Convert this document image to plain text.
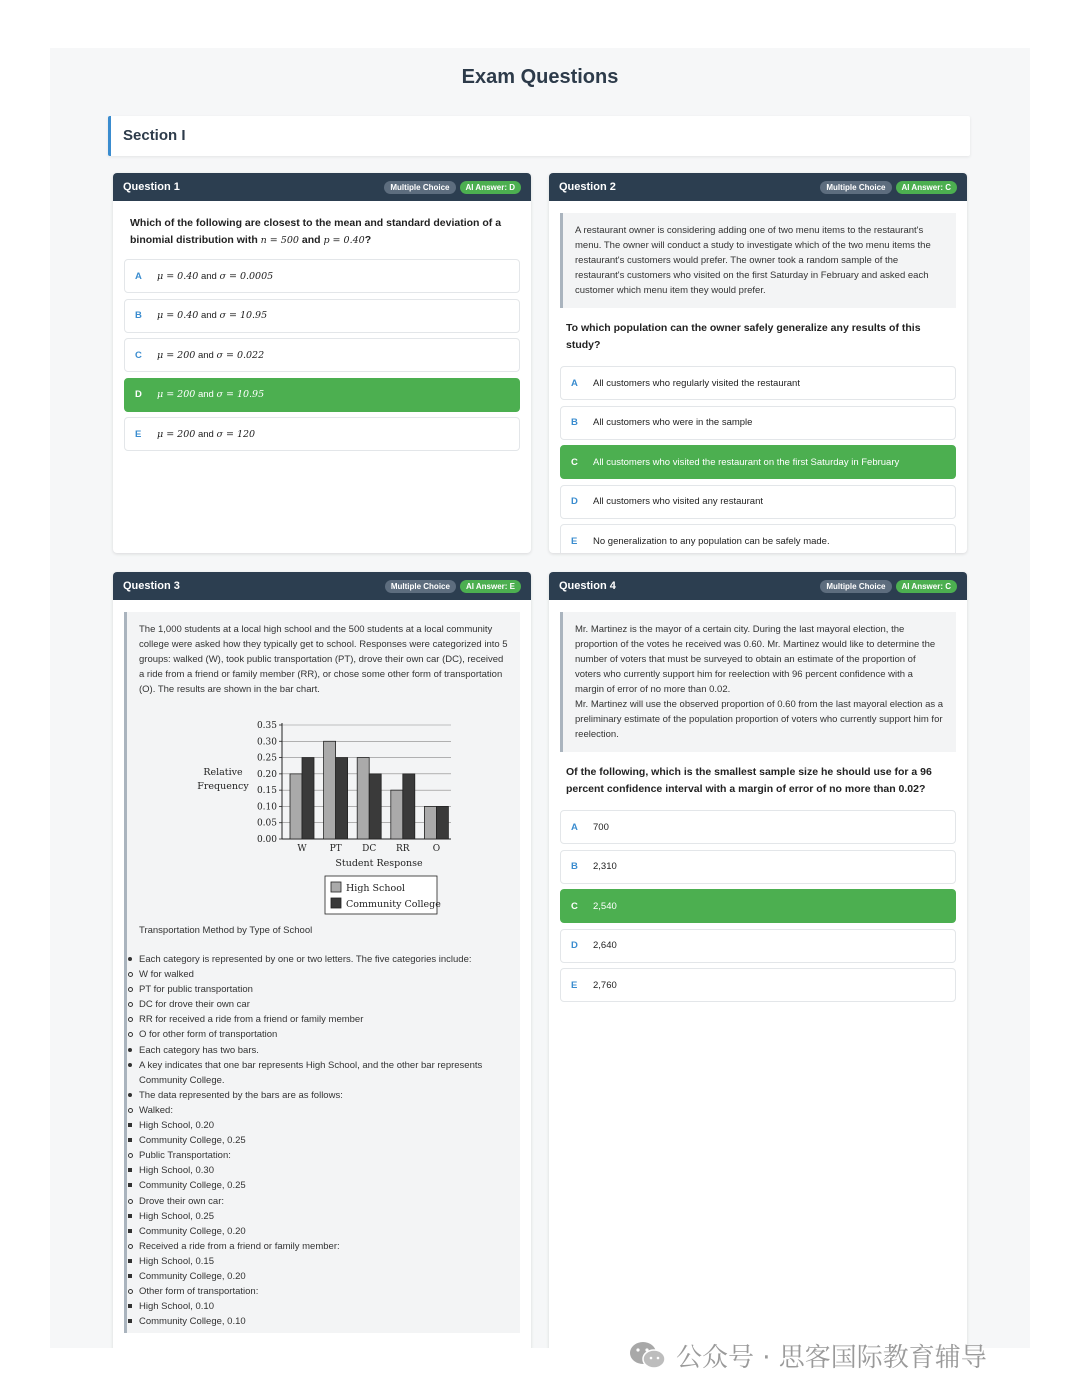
Exam Questions
Section I
Question 1	Multiple Choice	AI Answer: D
Which of the following are closest to the mean and standard deviation of a binomial distribution with n = 500 and p = 0.40?
A	μ = 0.40 and σ = 0.0005
B	μ = 0.40 and σ = 10.95
C	μ = 200 and σ = 0.022
D	μ = 200 and σ = 10.95
E	μ = 200 and σ = 120
Question 2	Multiple Choice	AI Answer: C
A restaurant owner is considering adding one of two menu items to the restaurant's menu. The owner will conduct a study to investigate which of the two menu items the restaurant's customers would prefer. The owner took a random sample of the restaurant's customers who visited on the first Saturday in February and asked each customer which menu item they would prefer.
To which population can the owner safely generalize any results of this study?
A	All customers who regularly visited the restaurant
B	All customers who were in the sample
C	All customers who visited the restaurant on the first Saturday in February
D	All customers who visited any restaurant
E	No generalization to any population can be safely made.
Question 3	Multiple Choice	AI Answer: E
The 1,000 students at a local high school and the 500 students at a local community college were asked how they typically get to school. Responses were categorized into 5 groups: walked (W), took public transportation (PT), drove their own car (DC), received a ride from a friend or family member (RR), or chose some other form of transportation (O). The results are shown in the bar chart.
0.35
0.30
0.25
0.20
0.15
0.10
0.05
0.00
Relative
Frequency
W	PT DC RR	O
Student Response
High School
Community College
Transportation Method by Type of School
Each category is represented by one or two letters. The five categories include:
W for walked
PT for public transportation
DC for drove their own car
RR for received a ride from a friend or family member
O for other form of transportation
Each category has two bars.
A key indicates that one bar represents High School, and the other bar represents Community College.
The data represented by the bars are as follows:
Walked:
High School, 0.20
Community College, 0.25
Public Transportation:
High School, 0.30
Community College, 0.25
Drove their own car:
High School, 0.25
Community College, 0.20
Received a ride from a friend or family member:
High School, 0.15
Community College, 0.20
Other form of transportation:
High School, 0.10
Community College, 0.10
Question 4	Multiple Choice	AI Answer: C
Mr. Martinez is the mayor of a certain city. During the last mayoral election, the proportion of the votes he received was 0.60. Mr. Martinez would like to determine the number of voters that must be surveyed to obtain an estimate of the proportion of voters who currently support him for reelection with 96 percent confidence with a margin of error of no more than 0.02.
Mr. Martinez will use the observed proportion of 0.60 from the last mayoral election as a preliminary estimate of the population proportion of voters who currently support him for reelection.
Of the following, which is the smallest sample size he should use for a 96 percent confidence interval with a margin of error of no more than 0.02?
A	700
B	2,310
C	2,540
D	2,640
E	2,760
公众号 · 思客国际教育辅导
